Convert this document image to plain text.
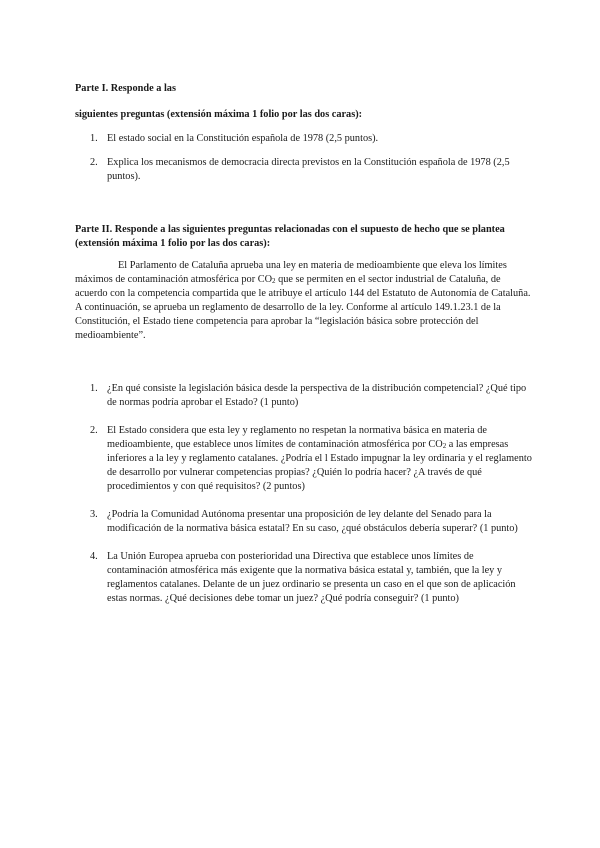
Parte I. Responde a las

siguientes preguntas (extensión máxima 1 folio por las dos caras):

1. El estado social en la Constitución española de 1978 (2,5 puntos).
2. Explica los mecanismos de democracia directa previstos en la Constitución española de 1978 (2,5 puntos).

Parte II. Responde a las siguientes preguntas relacionadas con el supuesto de hecho que se plantea (extensión máxima 1 folio por las dos caras):

El Parlamento de Cataluña aprueba una ley en materia de medioambiente que eleva los límites máximos de contaminación atmosférica por $CO_2$ que se permiten en el sector industrial de Cataluña, de acuerdo con la competencia compartida que le atribuye el artículo 144 del Estatuto de Autonomía de Cataluña. A continuación, se aprueba un reglamento de desarrollo de la ley. Conforme al artículo 149.1.23.1 de la Constitución, el Estado tiene competencia para aprobar la “legislación básica sobre protección del medioambiente”.

1. ¿En qué consiste la legislación básica desde la perspectiva de la distribución competencial? ¿Qué tipo de normas podría aprobar el Estado? (1 punto)
2. El Estado considera que esta ley y reglamento no respetan la normativa básica en materia de medioambiente, que establece unos límites de contaminación atmosférica por $CO_2$ a las empresas inferiores a la ley y reglamento catalanes. ¿Podría el l Estado impugnar la ley ordinaria y el reglamento de desarrollo por vulnerar competencias propias? ¿Quién lo podría hacer? ¿A través de qué procedimientos y con qué requisitos? (2 puntos)
3. ¿Podría la Comunidad Autónoma presentar una proposición de ley delante del Senado para la modificación de la normativa básica estatal? En su caso, ¿qué obstáculos debería superar? (1 punto)
4. La Unión Europea aprueba con posterioridad una Directiva que establece unos límites de contaminación atmosférica más exigente que la normativa básica estatal y, también, que la ley y reglamentos catalanes. Delante de un juez ordinario se presenta un caso en el que son de aplicación estas normas. ¿Qué decisiones debe tomar un juez? ¿Qué podría conseguir? (1 punto)
